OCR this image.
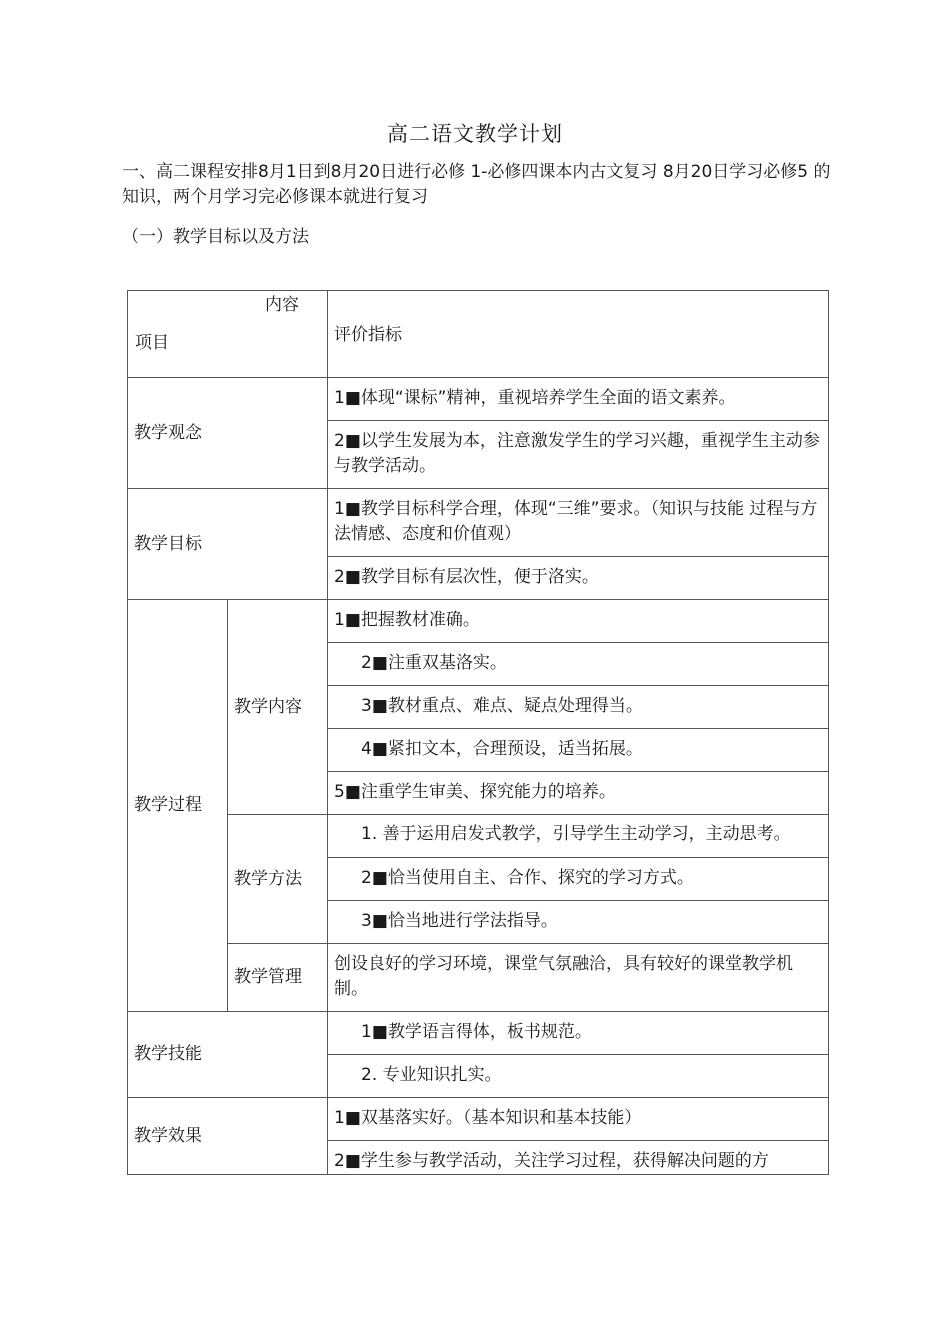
高二语文教学计划

一、高二课程安排8月1日到8月20日进行必修 1-必修四课本内古文复习 8月20日学习必修5 的知识，两个月学习完必修课本就进行复习

（一）教学目标以及方法

内容
项目		评价指标
教学观念		1■体现“课标”精神，重视培养学生全面的语文素养。
		2■以学生发展为本，注意激发学生的学习兴趣，重视学生主动参与教学活动。
教学目标		1■教学目标科学合理，体现“三维”要求。（知识与技能 过程与方法情感、态度和价值观）
		2■教学目标有层次性，便于洛实。
教学过程	教学内容	1■把握教材准确。
		2■注重双基洛实。
		3■教材重点、难点、疑点处理得当。
		4■紧扣文本，合理预设，适当拓展。
		5■注重学生审美、探究能力的培养。
	教学方法	1. 善于运用启发式教学，引导学生主动学习，主动思考。
		2■恰当使用自主、合作、探究的学习方式。
		3■恰当地进行学法指导。
	教学管理	创设良好的学习环境，课堂气氛融洽，具有较好的课堂教学机制。
教学技能		1■教学语言得体，板书规范。
		2. 专业知识扎实。
教学效果		1■双基落实好。（基本知识和基本技能）
		2■学生参与教学活动，关注学习过程，获得解决问题的方
